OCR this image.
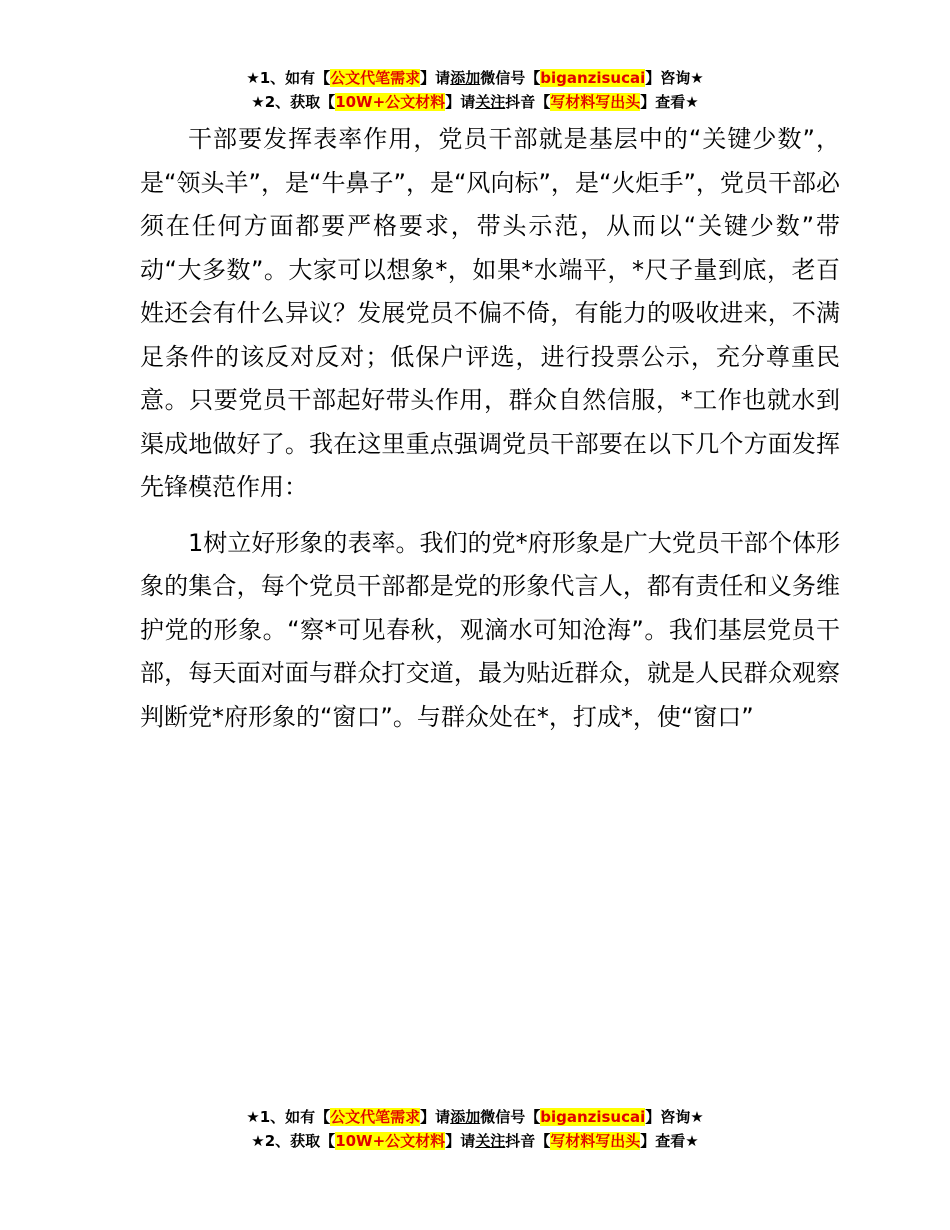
★1、如有【公文代笔需求】请添加微信号【biganzisucai】咨询★
★2、获取【10W+公文材料】请关注抖音【写材料写出头】查看★

干部要发挥表率作用，党员干部就是基层中的“关键少数”，是“领头羊”，是“牛鼻子”，是“风向标”，是“火炬手”，党员干部必须在任何方面都要严格要求，带头示范，从而以“关键少数”带动“大多数”。大家可以想象*，如果*水端平，*尺子量到底，老百姓还会有什么异议？发展党员不偏不倚，有能力的吸收进来，不满足条件的该反对反对；低保户评选，进行投票公示，充分尊重民意。只要党员干部起好带头作用，群众自然信服，*工作也就水到渠成地做好了。我在这里重点强调党员干部要在以下几个方面发挥先锋模范作用：

1树立好形象的表率。我们的党*府形象是广大党员干部个体形象的集合，每个党员干部都是党的形象代言人，都有责任和义务维护党的形象。“察*可见春秋，观滴水可知沧海”。我们基层党员干部，每天面对面与群众打交道，最为贴近群众，就是人民群众观察判断党*府形象的“窗口”。与群众处在*，打成*，使“窗口”

★1、如有【公文代笔需求】请添加微信号【biganzisucai】咨询★
★2、获取【10W+公文材料】请关注抖音【写材料写出头】查看★
